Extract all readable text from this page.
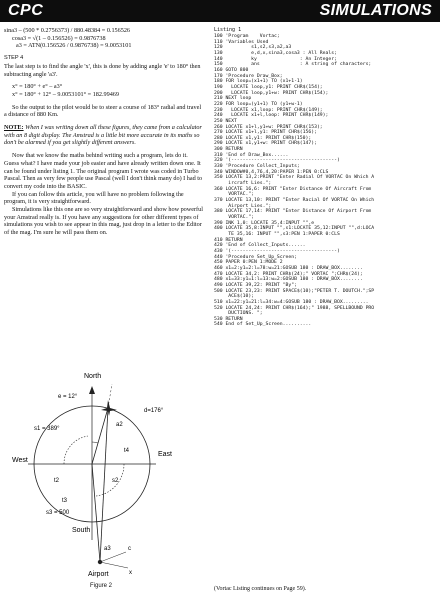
CPC	SIMULATIONS

sina3 – (500 * 0.2756373) / 880.48384 = 0.156526

cosa3 = √(1 – 0.156526) = 0.9876738

a3 = ATN(0.156526 / 0.9876738) = 9.0053101

STEP 4

The last step is to find the angle 'x', this is done by adding angle 'e' to 180° then subtracting angle 'a3'.

x° = 180° + e° – a3°

x° = 180° + 12° – 9.0053101° = 182.99469

So the output to the pilot would be to steer a course of 183° radial and travel a distance of 880 Km.

NOTE: When I was writing down all these figures, they came from a calculator with an 8 digit display. The Amstrad is a little bit more accurate in its maths so don't be alarmed if you get slightly different answers.

Now that we know the maths behind writing such a program, lets do it. Guess what? I have made your job easier and have already written down one. It can be found under listing 1. The original program I wrote was coded in Turbo Pascal. Then as very few people use Pascal (well I don't think many do) I had to convert my code into the BASIC.

If you can follow this article, you will have no problem following the program, it is very straightforward.

Simulations like this one are so very straightforward and show how powerful your Amstrad really is. If you have any suggestions for other different types of simulations you wish to see appear in this mag, just drop in a letter to the Editor of the mag. I'm sure he will pass them on.

North
East
West
South
Airport
e = 12°
d=176°
s1 = 389°
s2
s3 = 500
t2
t3
t4
x
a2
a3	c
Figure 2

Listing 1

100 'Program    Vortac;
110 'Variables Used
120          s1,s2,s3,a2,a3
130          e,d,x,sina3,cosa3 : All Reals;
140          ky               : An Integer;
150          ans              : A string of characters;
160 GOTO 800
170 'Procedure Draw_Box;
180 FOR loop=(x1+1) TO (x1+1-1)
190   LOCATE loop,y1: PRINT CHR$(154);
200   LOCATE loop,y1+w: PRINT CHR$(154);
210 NEXT loop
220 FOR loop=(y1+1) TO (y1+w-1)
230   LOCATE x1,loop: PRINT CHR$(149);
240   LOCATE x1+l,loop: PRINT CHR$(149);
250 NEXT
260 LOCATE x1+l,y1+w: PRINT CHR$(153);
270 LOCATE x1+l,y1: PRINT CHR$(156);
280 LOCATE x1,y1: PRINT CHR$(150);
290 LOCATE x1,y1+w: PRINT CHR$(147);
300 RETURN
310 'End of Draw_Box......
320 '(-------------------------------------)
330 'Procedure Collect_Inputs;
340 WINDOW#0,4,76,4,20:PAPER 1:PEN 0:CLS
350 LOCATE 13,2:PRINT "Enter Radial Of VORTAC On Which A
ircraft Lies.";
360 LOCATE 16,6: PRINT "Enter Distance Of Aircraft From
VORTAC.";
370 LOCATE 13,10: PRINT "Enter Racial Of VORTAC On Which
Airport Lies.";
380 LOCATE 17,14: PRINT "Enter Distance Of Airport From
VORTAC.";
390 INK 1,0: LOCATE 35,4:INPUT "",e
400 LOCATE 35,8:INPUT "",s1:LOCATE 35,12:INPUT "",d:LOCA
TE 35,16: INPUT "",s3:PEN 1:PAPER 0:CLS
410 RETURN
420 'End of Collect_Inputs......
430 '(-------------------------------------)
440 'Procedure Set_Up_Screen;
450 PAPER 0:PEN 1:MODE 2
460 x1=2:y1=2:l=78:w=21:GOSUB 180 : DRAW_BOX........
470 LOCATE 34,2: PRINT CHR$(24);" VORTAC ";CHR$(24);
480 x1=33:y1=1:l=13:w=2:GOSUB 180 : DRAW_BOX........
490 LOCATE 39,22: PRINT "By";
500 LOCATE 23,23: PRINT SPACE$(10);"PETER T. DOUTCH.";SP
ACE$(10);
510 x1=22:y1=21:l=34:w=4:GOSUB 180 : DRAW_BOX.........
520 LOCATE 24,24: PRINT CHR$(164);" 1988, SPELLBOUND PRO
DUCTIONS. ";
530 RETURN
540 End of Set_Up_Screen..........
(Vortac Listing continues on Page 59).
